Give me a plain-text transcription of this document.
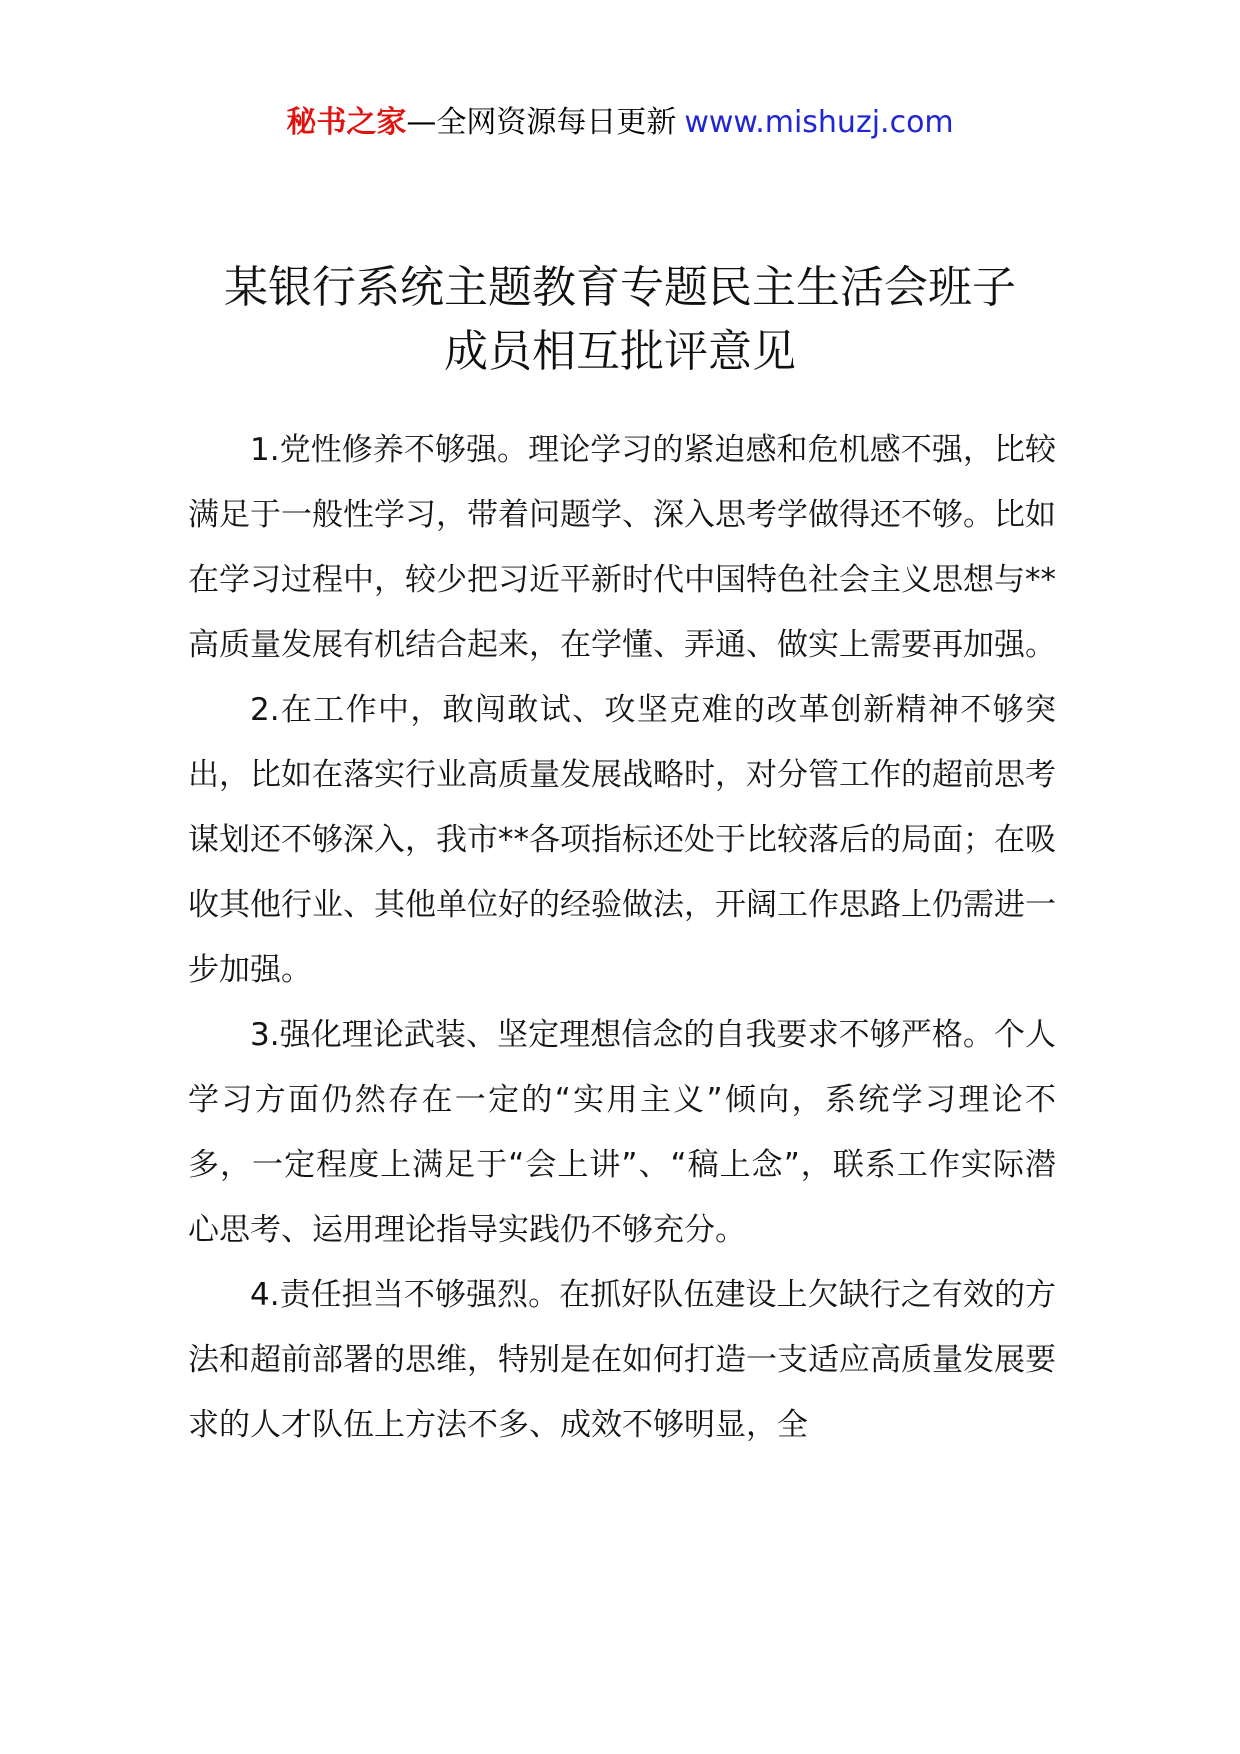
秘书之家—全网资源每日更新 www.mishuzj.com
某银行系统主题教育专题民主生活会班子
成员相互批评意见

1.党性修养不够强。理论学习的紧迫感和危机感不强，比较满足于一般性学习，带着问题学、深入思考学做得还不够。比如在学习过程中，较少把习近平新时代中国特色社会主义思想与**高质量发展有机结合起来，在学懂、弄通、做实上需要再加强。

2.在工作中，敢闯敢试、攻坚克难的改革创新精神不够突出，比如在落实行业高质量发展战略时，对分管工作的超前思考谋划还不够深入，我市**各项指标还处于比较落后的局面；在吸收其他行业、其他单位好的经验做法，开阔工作思路上仍需进一步加强。

3.强化理论武装、坚定理想信念的自我要求不够严格。个人学习方面仍然存在一定的“实用主义”倾向，系统学习理论不多，一定程度上满足于“会上讲”、“稿上念”，联系工作实际潜心思考、运用理论指导实践仍不够充分。

4.责任担当不够强烈。在抓好队伍建设上欠缺行之有效的方法和超前部署的思维，特别是在如何打造一支适应高质量发展要求的人才队伍上方法不多、成效不够明显，全
